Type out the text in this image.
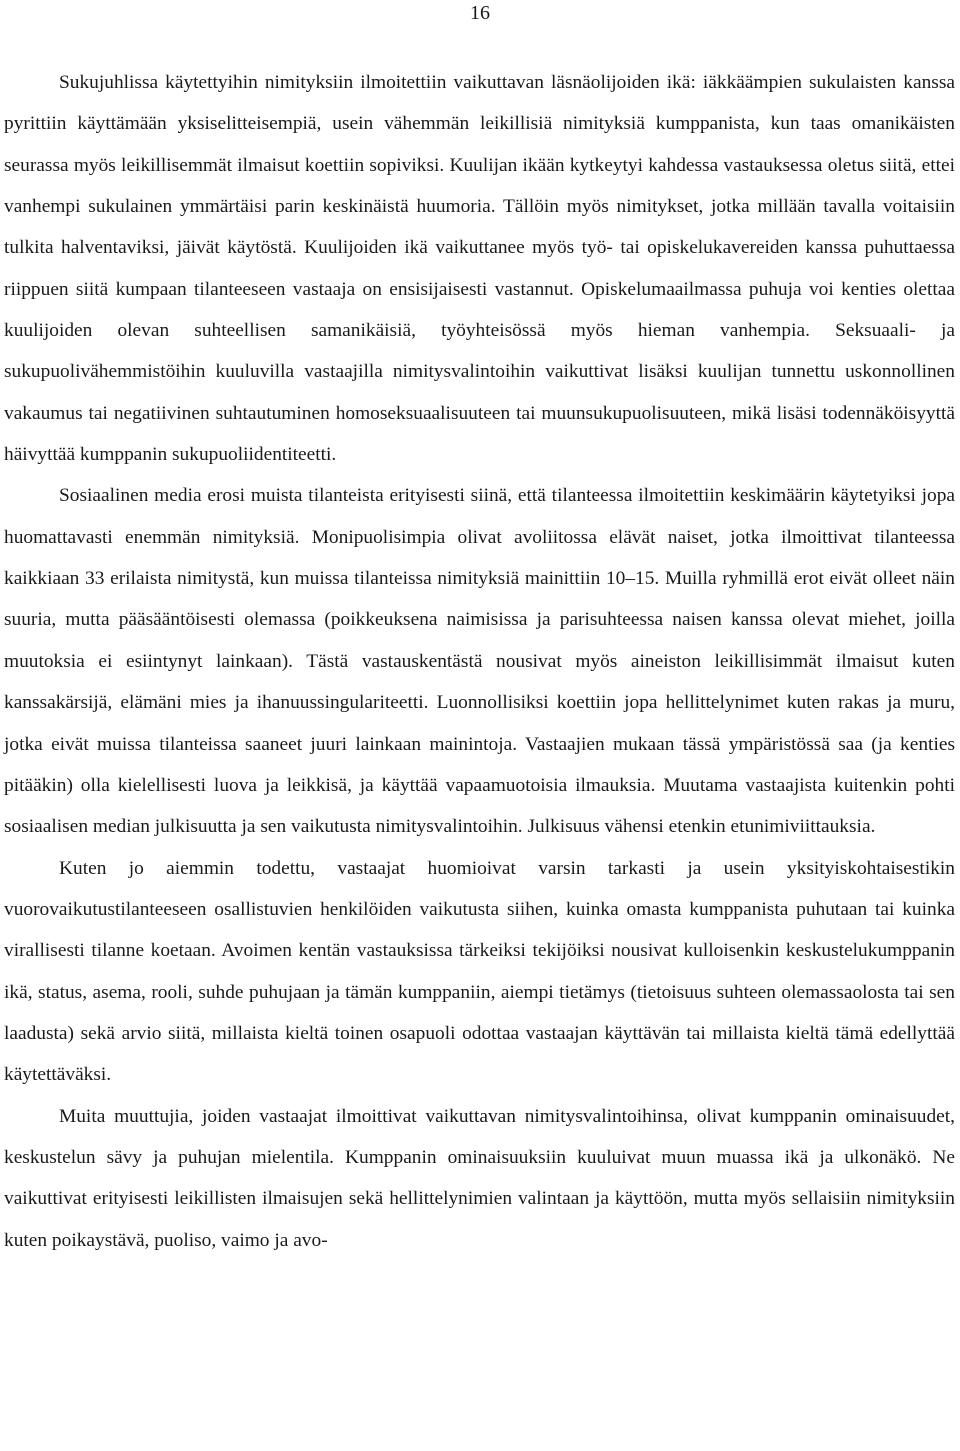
16

Sukujuhlissa käytettyihin nimityksiin ilmoitettiin vaikuttavan läsnäolijoiden ikä: iäkkäämpien sukulaisten kanssa pyrittiin käyttämään yksiselitteisempiä, usein vähemmän leikillisiä nimityksiä kumppanista, kun taas omanikäisten seurassa myös leikillisemmät ilmaisut koettiin sopiviksi. Kuulijan ikään kytkeytyi kahdessa vastauksessa oletus siitä, ettei vanhempi sukulainen ymmärtäisi parin keskinäistä huumoria. Tällöin myös nimitykset, jotka millään tavalla voitaisiin tulkita halventaviksi, jäivät käytöstä. Kuulijoiden ikä vaikuttanee myös työ- tai opiskelukavereiden kanssa puhuttaessa riippuen siitä kumpaan tilanteeseen vastaaja on ensisijaisesti vastannut. Opiskelumaailmassa puhuja voi kenties olettaa kuulijoiden olevan suhteellisen samanikäisiä, työyhteisössä myös hieman vanhempia. Seksuaali- ja sukupuolivähemmistöihin kuuluvilla vastaajilla nimitysvalintoihin vaikuttivat lisäksi kuulijan tunnettu uskonnollinen vakaumus tai negatiivinen suhtautuminen homoseksuaalisuuteen tai muunsukupuolisuuteen, mikä lisäsi todennäköisyyttä häivyttää kumppanin sukupuoliidentiteetti.

Sosiaalinen media erosi muista tilanteista erityisesti siinä, että tilanteessa ilmoitettiin keskimäärin käytetyiksi jopa huomattavasti enemmän nimityksiä. Monipuolisimpia olivat avoliitossa elävät naiset, jotka ilmoittivat tilanteessa kaikkiaan 33 erilaista nimitystä, kun muissa tilanteissa nimityksiä mainittiin 10–15. Muilla ryhmillä erot eivät olleet näin suuria, mutta pääsääntöisesti olemassa (poikkeuksena naimisissa ja parisuhteessa naisen kanssa olevat miehet, joilla muutoksia ei esiintynyt lainkaan). Tästä vastauskentästä nousivat myös aineiston leikillisimmät ilmaisut kuten kanssakärsijä, elämäni mies ja ihanuussingulariteetti. Luonnollisiksi koettiin jopa hellittelynimet kuten rakas ja muru, jotka eivät muissa tilanteissa saaneet juuri lainkaan mainintoja. Vastaajien mukaan tässä ympäristössä saa (ja kenties pitääkin) olla kielellisesti luova ja leikkisä, ja käyttää vapaamuotoisia ilmauksia. Muutama vastaajista kuitenkin pohti sosiaalisen median julkisuutta ja sen vaikutusta nimitysvalintoihin. Julkisuus vähensi etenkin etunimiviittauksia.

Kuten jo aiemmin todettu, vastaajat huomioivat varsin tarkasti ja usein yksityiskohtaisestikin vuorovaikutustilanteeseen osallistuvien henkilöiden vaikutusta siihen, kuinka omasta kumppanista puhutaan tai kuinka virallisesti tilanne koetaan. Avoimen kentän vastauksissa tärkeiksi tekijöiksi nousivat kulloisenkin keskustelukumppanin ikä, status, asema, rooli, suhde puhujaan ja tämän kumppaniin, aiempi tietämys (tietoisuus suhteen olemassaolosta tai sen laadusta) sekä arvio siitä, millaista kieltä toinen osapuoli odottaa vastaajan käyttävän tai millaista kieltä tämä edellyttää käytettäväksi.

Muita muuttujia, joiden vastaajat ilmoittivat vaikuttavan nimitysvalintoihinsa, olivat kumppanin ominaisuudet, keskustelun sävy ja puhujan mielentila. Kumppanin ominaisuuksiin kuuluivat muun muassa ikä ja ulkonäkö. Ne vaikuttivat erityisesti leikillisten ilmaisujen sekä hellittelynimien valintaan ja käyttöön, mutta myös sellaisiin nimityksiin kuten poikaystävä, puoliso, vaimo ja avo-
